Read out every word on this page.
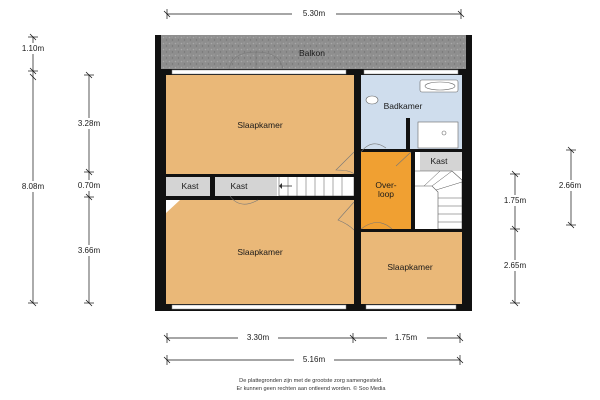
Balkon
Slaapkamer
Badkamer
Kast
Kast	Kast	Over-
loop
Slaapkamer
Slaapkamer
5.30m
1.10m
8.08m
3.28m
0.70m
3.66m
2.66m
1.75m
2.65m
3.30m	1.75m
5.16m
De plattegronden zijn met de grootste zorg samengesteld.
Er kunnen geen rechten aan ontleend worden. © Soo Media
